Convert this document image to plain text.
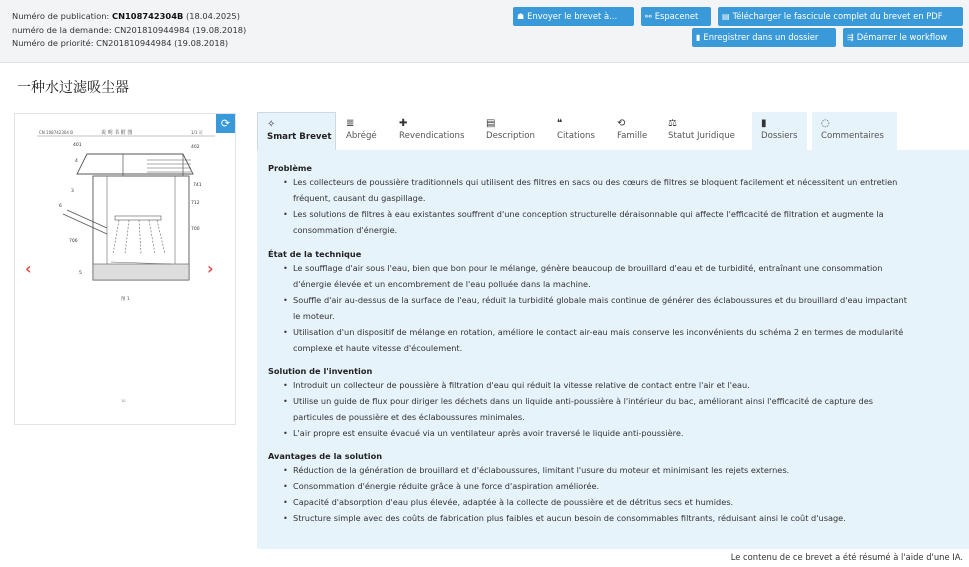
Numéro de publication: CN108742304B (18.04.2025)
numéro de la demande: CN201810944984 (19.08.2018)
Numéro de priorité: CN201810944984 (19.08.2018)
☗ Envoyer le brevet à...	⚯ Espacenet	▤ Télécharger le fascicule complet du brevet en PDF
▮ Enregistrer dans un dossier	⇶ Démarrer le workflow
一种水过滤吸尘器
⟳
CN 108742304 B	说 明 书 附 图	1/1 页
401	402
4
741
3
712
6
706
700
5
图 1
10
‹	›
✧
Smart Brevet
≣
Abrégé
✚
Revendications
▤
Description
❝
Citations
⟲
Famille
⚖
Statut Juridique
▮
Dossiers
◌
Commentaires
Problème
• Les collecteurs de poussière traditionnels qui utilisent des filtres en sacs ou des cœurs de filtres se bloquent facilement et nécessitent un entretien
fréquent, causant du gaspillage.
• Les solutions de filtres à eau existantes souffrent d'une conception structurelle déraisonnable qui affecte l'efficacité de filtration et augmente la
consommation d'énergie.
État de la technique
• Le soufflage d'air sous l'eau, bien que bon pour le mélange, génère beaucoup de brouillard d'eau et de turbidité, entraînant une consommation
d'énergie élevée et un encombrement de l'eau polluée dans la machine.
• Souffle d'air au-dessus de la surface de l'eau, réduit la turbidité globale mais continue de générer des éclaboussures et du brouillard d'eau impactant
le moteur.
• Utilisation d'un dispositif de mélange en rotation, améliore le contact air-eau mais conserve les inconvénients du schéma 2 en termes de modularité
complexe et haute vitesse d'écoulement.
Solution de l'invention
• Introduit un collecteur de poussière à filtration d'eau qui réduit la vitesse relative de contact entre l'air et l'eau.
• Utilise un guide de flux pour diriger les déchets dans un liquide anti-poussière à l'intérieur du bac, améliorant ainsi l'efficacité de capture des
particules de poussière et des éclaboussures minimales.
• L'air propre est ensuite évacué via un ventilateur après avoir traversé le liquide anti-poussière.
Avantages de la solution
• Réduction de la génération de brouillard et d'éclaboussures, limitant l'usure du moteur et minimisant les rejets externes.
• Consommation d'énergie réduite grâce à une force d'aspiration améliorée.
• Capacité d'absorption d'eau plus élevée, adaptée à la collecte de poussière et de détritus secs et humides.
• Structure simple avec des coûts de fabrication plus faibles et aucun besoin de consommables filtrants, réduisant ainsi le coût d'usage.
Le contenu de ce brevet a été résumé à l'aide d'une IA.
